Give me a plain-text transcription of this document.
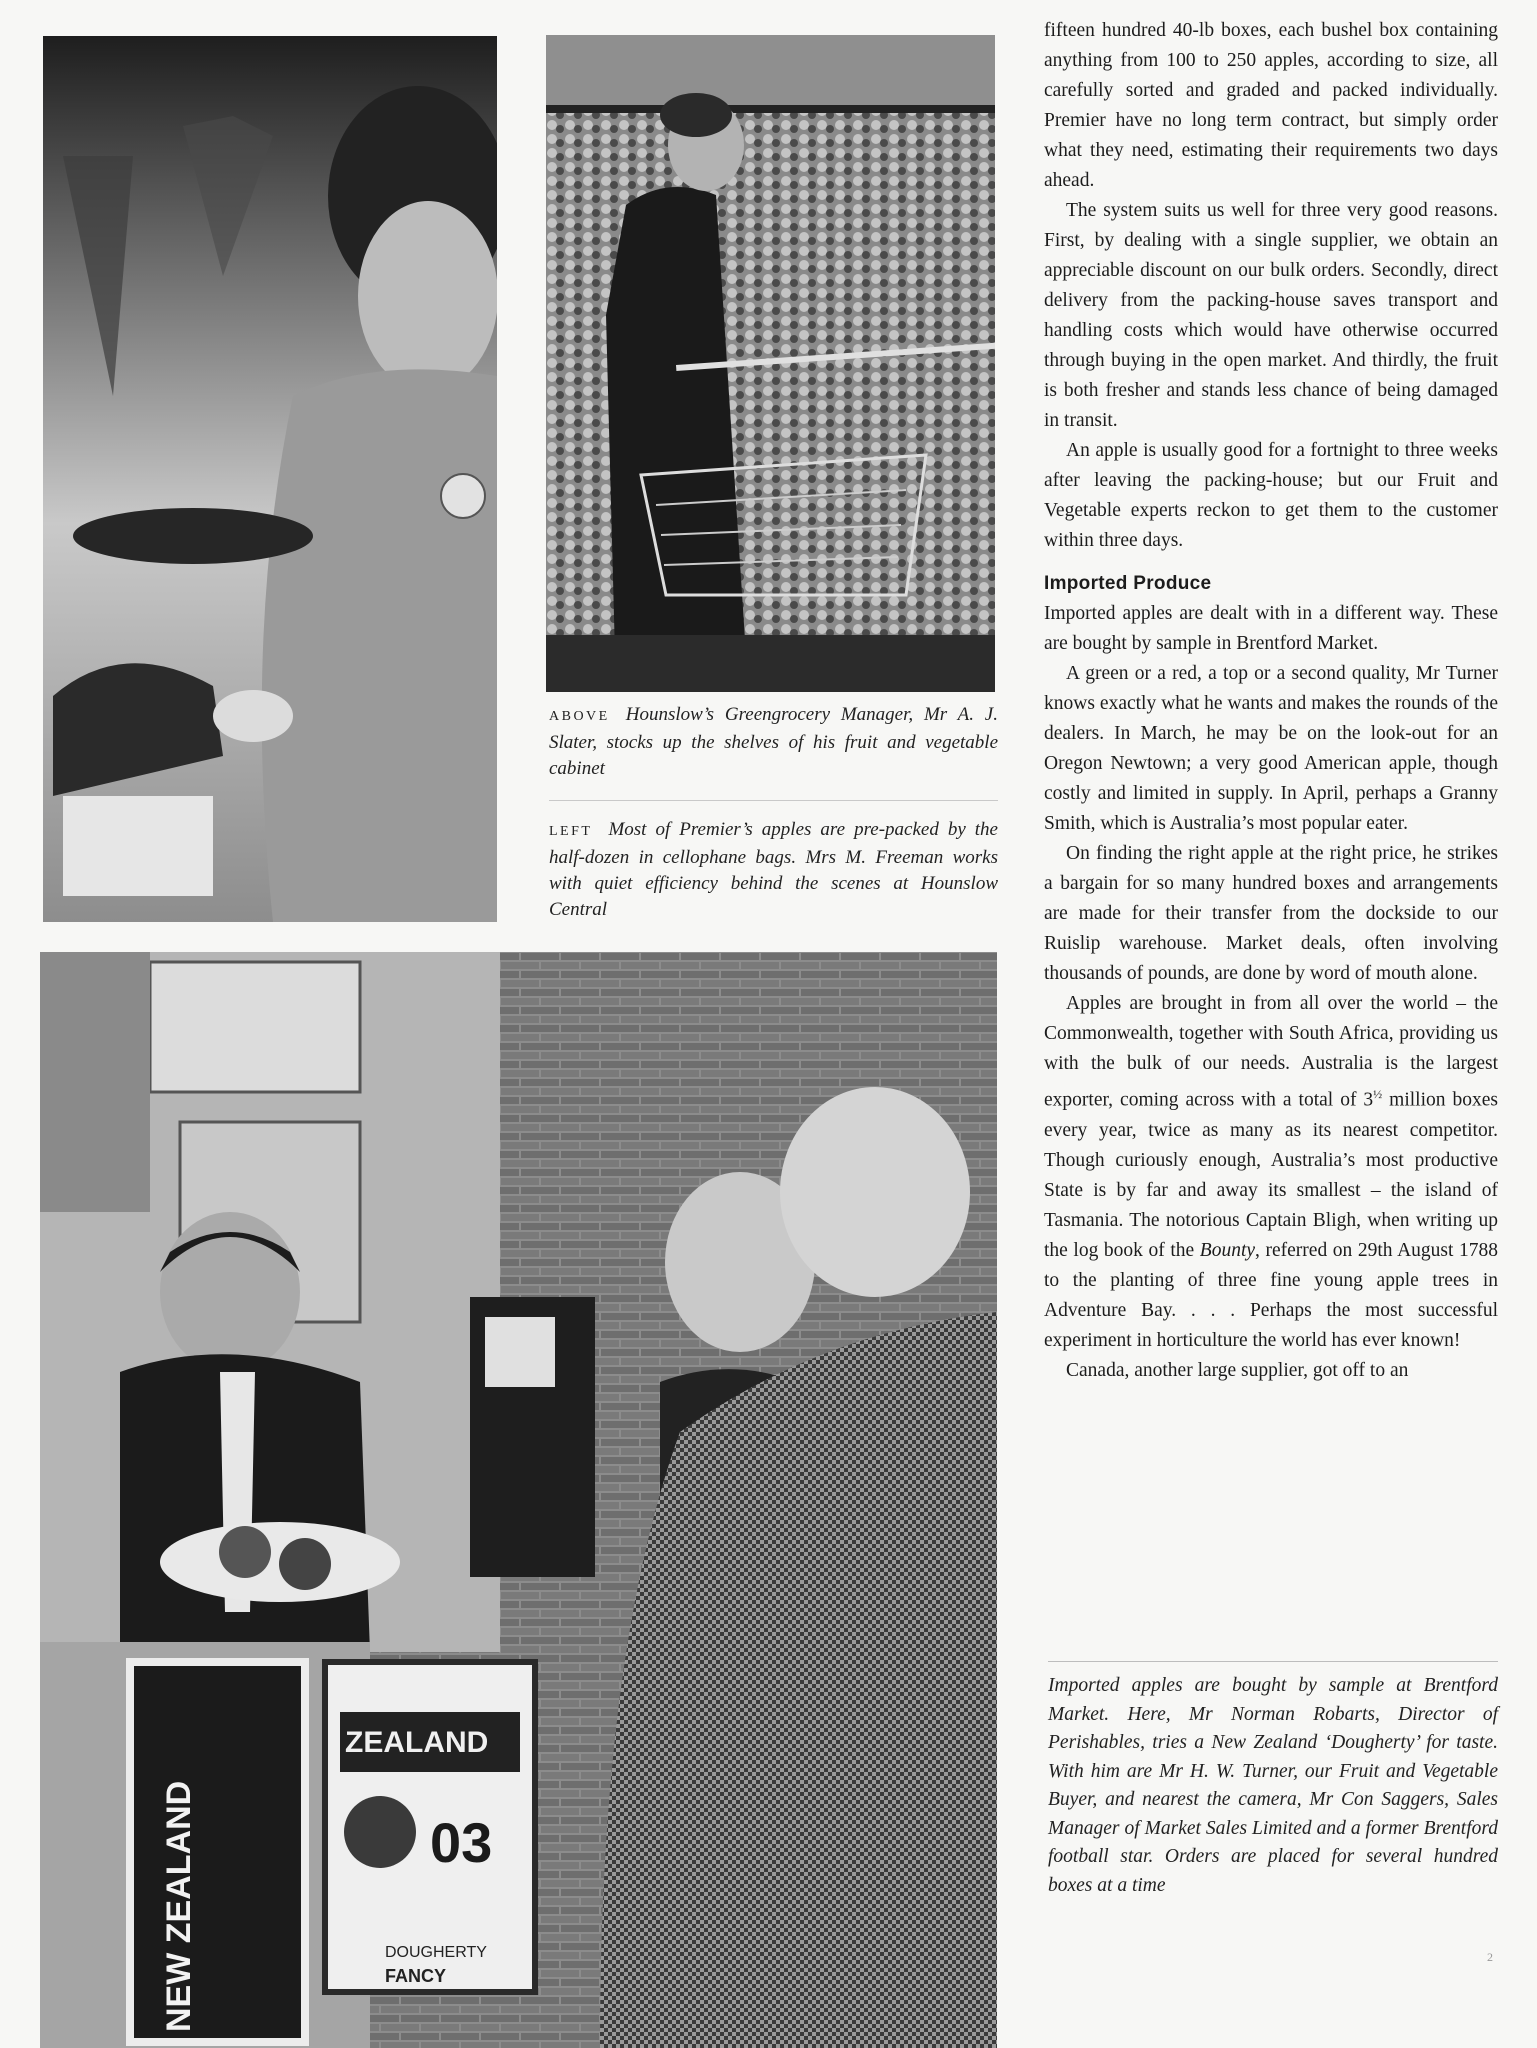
ABOVE Hounslow’s Greengrocery Manager, Mr A. J. Slater, stocks up the shelves of his fruit and vegetable cabinet

LEFT Most of Premier’s apples are pre-packed by the half-dozen in cellophane bags. Mrs M. Freeman works with quiet efficiency behind the scenes at Hounslow Central

03
ZEALAND
DOUGHERTY
FANCY
NEW ZEALAND

fifteen hundred 40-lb boxes, each bushel box containing anything from 100 to 250 apples, according to size, all carefully sorted and graded and packed individually. Premier have no long term contract, but simply order what they need, estimating their requirements two days ahead.

The system suits us well for three very good reasons. First, by dealing with a single supplier, we obtain an appreciable discount on our bulk orders. Secondly, direct delivery from the packing-house saves transport and handling costs which would have otherwise occurred through buying in the open market. And thirdly, the fruit is both fresher and stands less chance of being damaged in transit.

An apple is usually good for a fortnight to three weeks after leaving the packing-house; but our Fruit and Vegetable experts reckon to get them to the customer within three days.

Imported Produce

Imported apples are dealt with in a different way. These are bought by sample in Brentford Market.

A green or a red, a top or a second quality, Mr Turner knows exactly what he wants and makes the rounds of the dealers. In March, he may be on the look-out for an Oregon Newtown; a very good American apple, though costly and limited in supply. In April, perhaps a Granny Smith, which is Australia’s most popular eater.

On finding the right apple at the right price, he strikes a bargain for so many hundred boxes and arrangements are made for their transfer from the dockside to our Ruislip warehouse. Market deals, often involving thousands of pounds, are done by word of mouth alone.

Apples are brought in from all over the world – the Commonwealth, together with South Africa, providing us with the bulk of our needs. Australia is the largest exporter, coming across with a total of $3^{\frac{1}{2}}$ million boxes every year, twice as many as its nearest competitor. Though curiously enough, Australia’s most productive State is by far and away its smallest – the island of Tasmania. The notorious Captain Bligh, when writing up the log book of the Bounty, referred on 29th August 1788 to the planting of three fine young apple trees in Adventure Bay. . . . Perhaps the most successful experiment in horticulture the world has ever known!

Canada, another large supplier, got off to an

Imported apples are bought by sample at Brentford Market. Here, Mr Norman Robarts, Director of Perishables, tries a New Zealand ‘Dougherty’ for taste. With him are Mr H. W. Turner, our Fruit and Vegetable Buyer, and nearest the camera, Mr Con Saggers, Sales Manager of Market Sales Limited and a former Brentford football star. Orders are placed for several hundred boxes at a time

2
